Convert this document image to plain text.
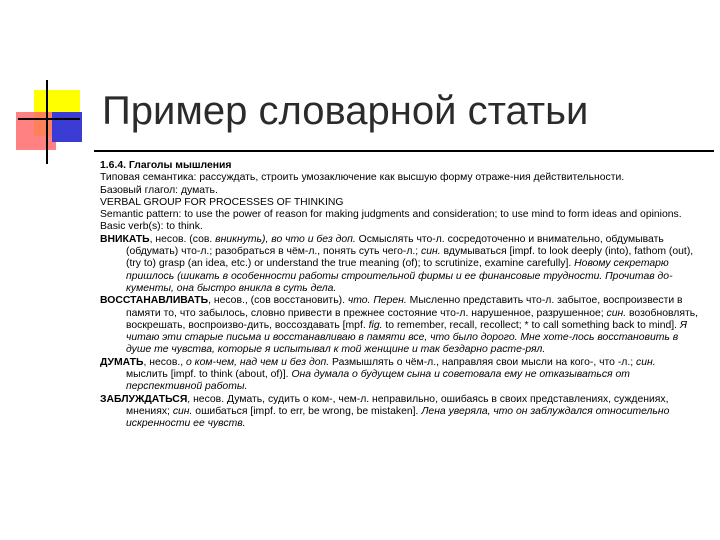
Пример словарной статьи

1.6.4. Глаголы мышления

Типовая семантика: рассуждать, строить умозаключение как высшую форму отраже-ния действительности.

Базовый глагол: думать.

VERBAL GROUP FOR PROCESSES OF THINKING

Semantic pattern: to use the power of reason for making judgments and consideration; to use mind to form ideas and opinions.

Basic verb(s): to think.

ВНИКАТЬ, несов. (сов. вникнуть), во что и без доп. Осмыслять что-л. сосредоточенно и внимательно, обдумывать (обдумать) что-л.; разобраться в чём-л., понять суть чего-л.; син. вдумываться [impf. to look deeply (into), fathom (out), (try to) grasp (an idea, etc.) or understand the true meaning (of); to scrutinize, examine carefully]. Новому секретарю пришлось (шикать в особенности работы строительной фирмы и ее финансовые трудности. Прочитав до-кументы, она быстро вникла в суть дела.

ВОССТАНАВЛИВАТЬ, несов., (сов восстановить). что. Перен. Мысленно представить что-л. забытое, воспроизвести в памяти то, что забылось, словно привести в прежнее состояние что-л. нарушенное, разрушенное; син. возобновлять, воскрешать, воспроизво-дить, воссоздавать [mpf. fig. to remember, recall, recollect; * to call something back to mind]. Я читаю эти старые письма и восстанавливаю в памяти все, что было дорого. Мне хоте-лось восстановить в душе те чувства, которые я испытывал к той женщине и так бездарно расте-рял.

ДУМАТЬ, несов., о ком-чем, над чем и без доп. Размышлять о чём-л., направляя свои мысли на кого-, что -л.; син. мыслить [impf. to think (about, of)]. Она думала о будущем сына и советовала ему не отказываться от перспективной работы.

ЗАБЛУЖДАТЬСЯ, несов. Думать, судить о ком-, чем-л. неправильно, ошибаясь в своих представлениях, суждениях, мнениях; син. ошибаться [impf. to err, be wrong, be mistaken]. Лена уверяла, что он заблуждался относительно искренности ее чувств.
